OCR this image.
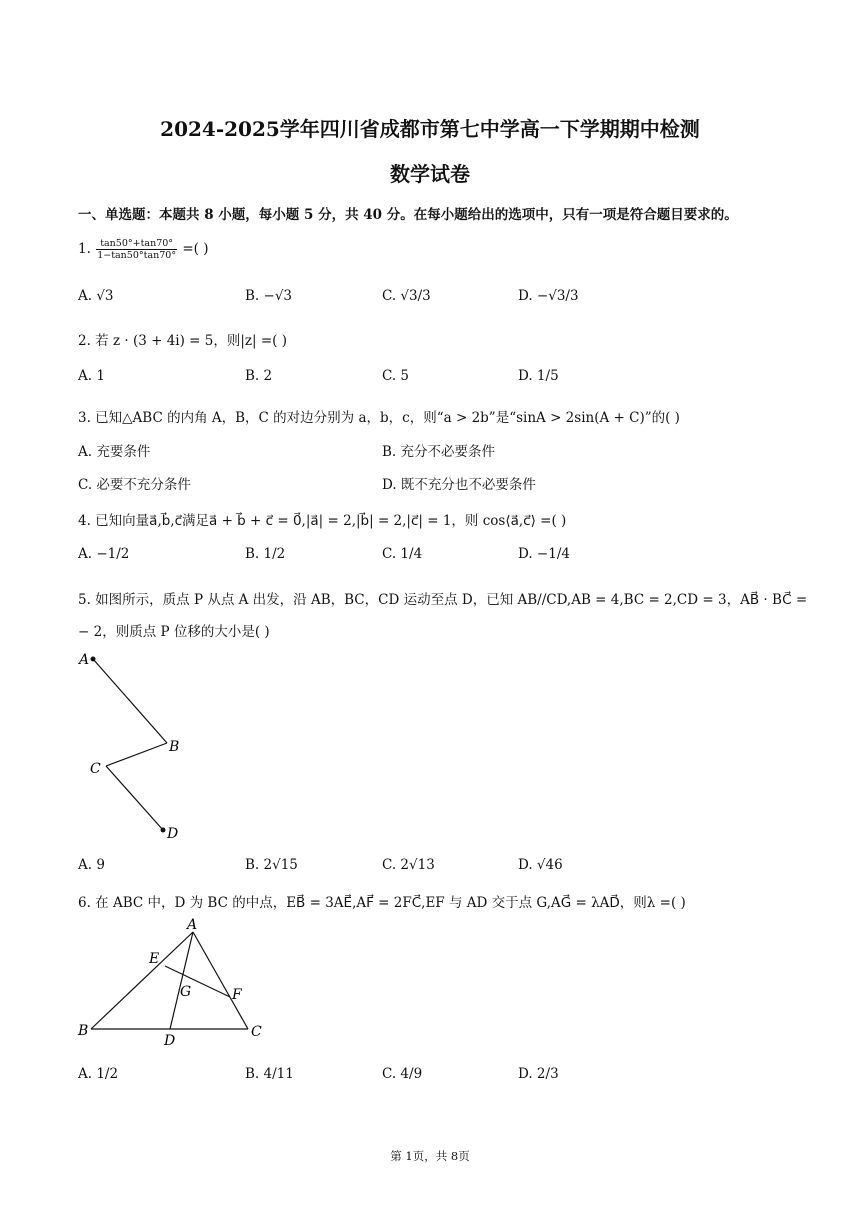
2024-2025学年四川省成都市第七中学高一下学期期中检测
数学试卷
一、单选题：本题共 8 小题，每小题 5 分，共 40 分。在每小题给出的选项中，只有一项是符合题目要求的。
1. $\frac{\tan 50^\circ+\tan 70^\circ}{1-\tan 50^\circ\tan 70^\circ}$ =( )
A. √3	B. −√3	C. √3/3	D. −√3/3
2. 若 z · (3 + 4i) = 5，则|z| =( )
A. 1	B. 2	C. 5	D. 1/5
3. 已知△ABC 的内角 A，B，C 的对边分别为 a，b，c，则“a > 2b”是“sinA > 2sin(A + C)”的( )
A. 充要条件	B. 充分不必要条件
C. 必要不充分条件	D. 既不充分也不必要条件
4. 已知向量a⃗,b⃗,c⃗满足a⃗ + b⃗ + c⃗ = 0⃗,|a⃗| = 2,|b⃗| = 2,|c⃗| = 1，则 cos⟨a⃗,c⃗⟩ =( )
A. −1/2	B. 1/2	C. 1/4	D. −1/4
5. 如图所示，质点 P 从点 A 出发，沿 AB，BC，CD 运动至点 D，已知 AB//CD,AB = 4,BC = 2,CD = 3，AB⃗ · BC⃗ =
− 2，则质点 P 位移的大小是( )
A
B
C
D
A. 9	B. 2√15	C. 2√13	D. √46
6. 在 ABC 中，D 为 BC 的中点，EB⃗ = 3AE⃗,AF⃗ = 2FC⃗,EF 与 AD 交于点 G,AG⃗ = λAD⃗，则λ =( )
A
B	C
D
E
F
G
A. 1/2	B. 4/11	C. 4/9	D. 2/3
第 1页，共 8页
